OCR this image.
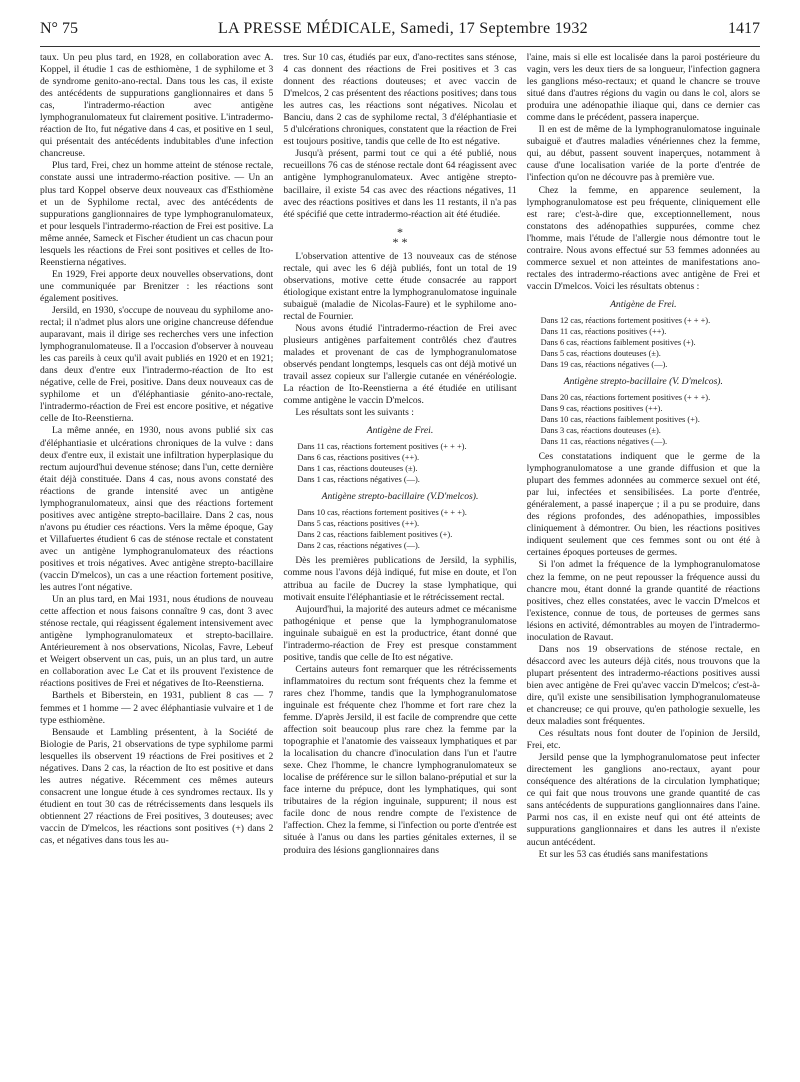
N° 75	LA PRESSE MÉDICALE, Samedi, 17 Septembre 1932	1417

taux. Un peu plus tard, en 1928, en collaboration avec A. Koppel, il étudie 1 cas de esthiomène, 1 de syphilome et 3 de syndrome genito-ano-rectal. Dans tous les cas, il existe des antécédents de suppurations ganglionnaires et dans 5 cas, l'intradermo-réaction avec antigène lymphogranulomateux fut clairement positive. L'intradermo-réaction de Ito, fut négative dans 4 cas, et positive en 1 seul, qui présentait des antécédents indubitables d'une infection chancreuse.

Plus tard, Frei, chez un homme atteint de sténose rectale, constate aussi une intradermo-réaction positive. — Un an plus tard Koppel observe deux nouveaux cas d'Esthiomène et un de Syphilome rectal, avec des antécédents de suppurations ganglionnaires de type lymphogranulomateux, et pour lesquels l'intradermo-réaction de Frei est positive. La même année, Sameck et Fischer étudient un cas chacun pour lesquels les réactions de Frei sont positives et celles de Ito-Reenstierna négatives.

En 1929, Frei apporte deux nouvelles observations, dont une communiquée par Brenitzer : les réactions sont également positives.

Jersild, en 1930, s'occupe de nouveau du syphilome ano-rectal; il n'admet plus alors une origine chancreuse défendue auparavant, mais il dirige ses recherches vers une infection lymphogranulomateuse. Il a l'occasion d'observer à nouveau les cas pareils à ceux qu'il avait publiés en 1920 et en 1921; dans deux d'entre eux l'intradermo-réaction de Ito est négative, celle de Frei, positive. Dans deux nouveaux cas de syphilome et un d'éléphantiasie génito-ano-rectale, l'intradermo-réaction de Frei est encore positive, et négative celle de Ito-Reenstierna.

La même année, en 1930, nous avons publié six cas d'éléphantiasie et ulcérations chroniques de la vulve : dans deux d'entre eux, il existait une infiltration hyperplasique du rectum aujourd'hui devenue sténose; dans l'un, cette dernière était déjà constituée. Dans 4 cas, nous avons constaté des réactions de grande intensité avec un antigène lymphogranulomateux, ainsi que des réactions fortement positives avec antigène strepto-bacillaire. Dans 2 cas, nous n'avons pu étudier ces réactions. Vers la même époque, Gay et Villafuertes étudient 6 cas de sténose rectale et constatent avec un antigène lymphogranulomateux des réactions positives et trois négatives. Avec antigène strepto-bacillaire (vaccin D'melcos), un cas a une réaction fortement positive, les autres l'ont négative.

Un an plus tard, en Mai 1931, nous étudions de nouveau cette affection et nous faisons connaître 9 cas, dont 3 avec sténose rectale, qui réagissent également intensivement avec antigène lymphogranulomateux et strepto-bacillaire. Antérieurement à nos observations, Nicolas, Favre, Lebeuf et Weigert observent un cas, puis, un an plus tard, un autre en collaboration avec Le Cat et ils prouvent l'existence de réactions positives de Frei et négatives de Ito-Reenstierna.

Barthels et Biberstein, en 1931, publient 8 cas — 7 femmes et 1 homme — 2 avec éléphantiasie vulvaire et 1 de type esthiomène.

Bensaude et Lambling présentent, à la Société de Biologie de Paris, 21 observations de type syphilome parmi lesquelles ils observent 19 réactions de Frei positives et 2 négatives. Dans 2 cas, la réaction de Ito est positive et dans les autres négative. Récemment ces mêmes auteurs consacrent une longue étude à ces syndromes rectaux. Ils y étudient en tout 30 cas de rétrécissements dans lesquels ils obtiennent 27 réactions de Frei positives, 3 douteuses; avec vaccin de D'melcos, les réactions sont positives (+) dans 2 cas, et négatives dans tous les au-

tres. Sur 10 cas, étudiés par eux, d'ano-rectites sans sténose, 4 cas donnent des réactions de Frei positives et 3 cas donnent des réactions douteuses; et avec vaccin de D'melcos, 2 cas présentent des réactions positives; dans tous les autres cas, les réactions sont négatives. Nicolau et Banciu, dans 2 cas de syphilome rectal, 3 d'éléphantiasie et 5 d'ulcérations chroniques, constatent que la réaction de Frei est toujours positive, tandis que celle de Ito est négative.

Jusqu'à présent, parmi tout ce qui a été publié, nous recueillons 76 cas de sténose rectale dont 64 réagissent avec antigène lymphogranulomateux. Avec antigène strepto-bacillaire, il existe 54 cas avec des réactions négatives, 11 avec des réactions positives et dans les 11 restants, il n'a pas été spécifié que cette intradermo-réaction ait été étudiée.

*
* *

L'observation attentive de 13 nouveaux cas de sténose rectale, qui avec les 6 déjà publiés, font un total de 19 observations, motive cette étude consacrée au rapport étiologique existant entre la lymphogranulomatose inguinale subaiguë (maladie de Nicolas-Faure) et le syphilome ano-rectal de Fournier.

Nous avons étudié l'intradermo-réaction de Frei avec plusieurs antigènes parfaitement contrôlés chez d'autres malades et provenant de cas de lymphogranulomatose observés pendant longtemps, lesquels cas ont déjà motivé un travail assez copieux sur l'allergie cutanée en vénéréologie. La réaction de Ito-Reenstierna a été étudiée en utilisant comme antigène le vaccin D'melcos.

Les résultats sont les suivants :

Antigène de Frei.
Dans 11 cas, réactions fortement positives (+ + +).
Dans 6 cas, réactions positives (++).
Dans 1 cas, réactions douteuses (±).
Dans 1 cas, réactions négatives (—).
Antigène strepto-bacillaire (V.D'melcos).
Dans 10 cas, réactions fortement positives (+ + +).
Dans 5 cas, réactions positives (++).
Dans 2 cas, réactions faiblement positives (+).
Dans 2 cas, réactions négatives (—).

Dès les premières publications de Jersild, la syphilis, comme nous l'avons déjà indiqué, fut mise en doute, et l'on attribua au facile de Ducrey la stase lymphatique, qui motivait ensuite l'éléphantiasie et le rétrécissement rectal.

Aujourd'hui, la majorité des auteurs admet ce mécanisme pathogénique et pense que la lymphogranulomatose inguinale subaiguë en est la productrice, étant donné que l'intradermo-réaction de Frey est presque constamment positive, tandis que celle de Ito est négative.

Certains auteurs font remarquer que les rétrécissements inflammatoires du rectum sont fréquents chez la femme et rares chez l'homme, tandis que la lymphogranulomatose inguinale est fréquente chez l'homme et fort rare chez la femme. D'après Jersild, il est facile de comprendre que cette affection soit beaucoup plus rare chez la femme par la topographie et l'anatomie des vaisseaux lymphatiques et par la localisation du chancre d'inoculation dans l'un et l'autre sexe. Chez l'homme, le chancre lymphogranulomateux se localise de préférence sur le sillon balano-préputial et sur la face interne du prépuce, dont les lymphatiques, qui sont tributaires de la région inguinale, suppurent; il nous est facile donc de nous rendre compte de l'existence de l'affection. Chez la femme, si l'infection ou porte d'entrée est située à l'anus ou dans les parties génitales externes, il se produira des lésions ganglionnaires dans

l'aine, mais si elle est localisée dans la paroi postérieure du vagin, vers les deux tiers de sa longueur, l'infection gagnera les ganglions méso-rectaux; et quand le chancre se trouve situé dans d'autres régions du vagin ou dans le col, alors se produira une adénopathie iliaque qui, dans ce dernier cas comme dans le précédent, passera inaperçue.

Il en est de même de la lymphogranulomatose inguinale subaiguë et d'autres maladies vénériennes chez la femme, qui, au début, passent souvent inaperçues, notamment à cause d'une localisation variée de la porte d'entrée de l'infection qu'on ne découvre pas à première vue.

Chez la femme, en apparence seulement, la lymphogranulomatose est peu fréquente, cliniquement elle est rare; c'est-à-dire que, exceptionnellement, nous constatons des adénopathies suppurées, comme chez l'homme, mais l'étude de l'allergie nous démontre tout le contraire. Nous avons effectué sur 53 femmes adonnées au commerce sexuel et non atteintes de manifestations ano-rectales des intradermo-réactions avec antigène de Frei et vaccin D'melcos. Voici les résultats obtenus :

Antigène de Frei.
Dans 12 cas, réactions fortement positives (+ + +).
Dans 11 cas, réactions positives (++).
Dans 6 cas, réactions faiblement positives (+).
Dans 5 cas, réactions douteuses (±).
Dans 19 cas, réactions négatives (—).
Antigène strepto-bacillaire (V. D'melcos).
Dans 20 cas, réactions fortement positives (+ + +).
Dans 9 cas, réactions positives (++).
Dans 10 cas, réactions faiblement positives (+).
Dans 3 cas, réactions douteuses (±).
Dans 11 cas, réactions négatives (—).

Ces constatations indiquent que le germe de la lymphogranulomatose a une grande diffusion et que la plupart des femmes adonnées au commerce sexuel ont été, par lui, infectées et sensibilisées. La porte d'entrée, généralement, a passé inaperçue ; il a pu se produire, dans des régions profondes, des adénopathies, impossibles cliniquement à démontrer. Ou bien, les réactions positives indiquent seulement que ces femmes sont ou ont été à certaines époques porteuses de germes.

Si l'on admet la fréquence de la lymphogranulomatose chez la femme, on ne peut repousser la fréquence aussi du chancre mou, étant donné la grande quantité de réactions positives, chez elles constatées, avec le vaccin D'melcos et l'existence, connue de tous, de porteuses de germes sans lésions en activité, démontrables au moyen de l'intradermo-inoculation de Ravaut.

Dans nos 19 observations de sténose rectale, en désaccord avec les auteurs déjà cités, nous trouvons que la plupart présentent des intradermo-réactions positives aussi bien avec antigène de Frei qu'avec vaccin D'melcos; c'est-à-dire, qu'il existe une sensibilisation lymphogranulomateuse et chancreuse; ce qui prouve, qu'en pathologie sexuelle, les deux maladies sont fréquentes.

Ces résultats nous font douter de l'opinion de Jersild, Frei, etc.

Jersild pense que la lymphogranulomatose peut infecter directement les ganglions ano-rectaux, ayant pour conséquence des altérations de la circulation lymphatique; ce qui fait que nous trouvons une grande quantité de cas sans antécédents de suppurations ganglionnaires dans l'aine. Parmi nos cas, il en existe neuf qui ont été atteints de suppurations ganglionnaires et dans les autres il n'existe aucun antécédent.

Et sur les 53 cas étudiés sans manifestations
